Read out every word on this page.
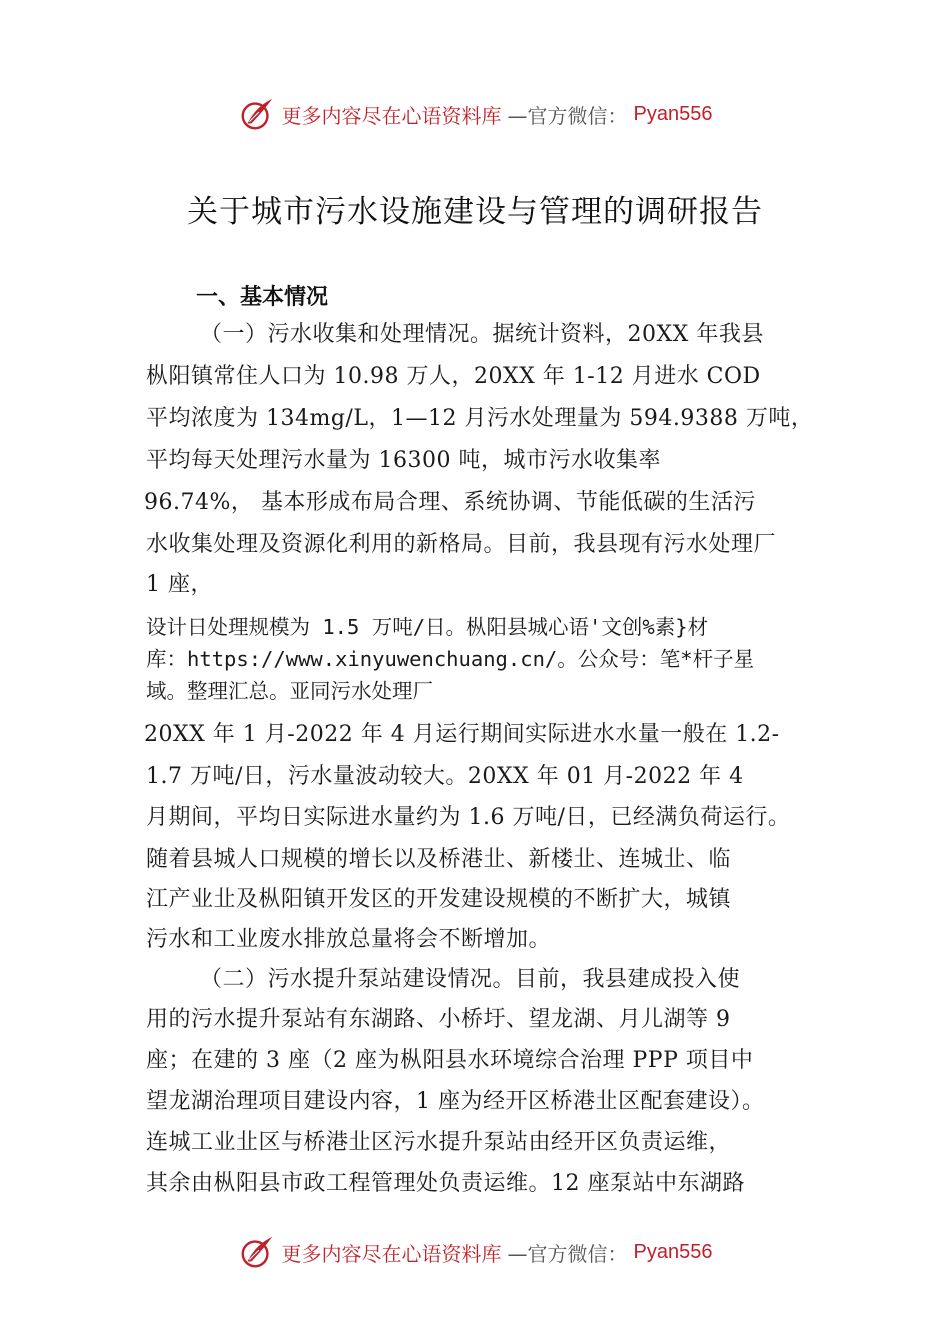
更多内容尽在心语资料库 —官方微信： Pyan556
关于城市污水设施建设与管理的调研报告
一、基本情况
（一）污水收集和处理情况。据统计资料，20XX 年我县
枞阳镇常住人口为 10.98 万人，20XX 年 1-12 月进水 COD
平均浓度为 134mg/L，1—12 月污水处理量为 594.9388 万吨，
平均每天处理污水量为 16300 吨，城市污水收集率
96.74%， 基本形成布局合理、系统协调、节能低碳的生活污
水收集处理及资源化利用的新格局。目前，我县现有污水处理厂
1 座，
设计日处理规模为 1.5 万吨/日。枞阳县城心语'文创%素}材
库：https://www.xinyuwenchuang.cn/。公众号：笔*杆子星
域。整理汇总。亚同污水处理厂
20XX 年 1 月-2022 年 4 月运行期间实际进水水量一般在 1.2-
1.7 万吨/日，污水量波动较大。20XX 年 01 月-2022 年 4
月期间，平均日实际进水量约为 1.6 万吨/日，已经满负荷运行。
随着县城人口规模的增长以及桥港㐀、新楼㐀、连城㐀、临
江产业㐀及枞阳镇开发区的开发建设规模的不断扩大，城镇
污水和工业废水排放总量将会不断增加。
（二）污水提升泵站建设情况。目前，我县建成投入使
用的污水提升泵站有东湖路、小桥圩、望龙湖、月儿湖等 9
座；在建的 3 座（2 座为枞阳县水环境综合治理 PPP 项目中
望龙湖治理项目建设内容，1 座为经开区桥港㐀区配套建设）。
连城工业㐀区与桥港㐀区污水提升泵站由经开区负责运维，
其余由枞阳县市政工程管理处负责运维。12 座泵站中东湖路
更多内容尽在心语资料库 —官方微信： Pyan556
